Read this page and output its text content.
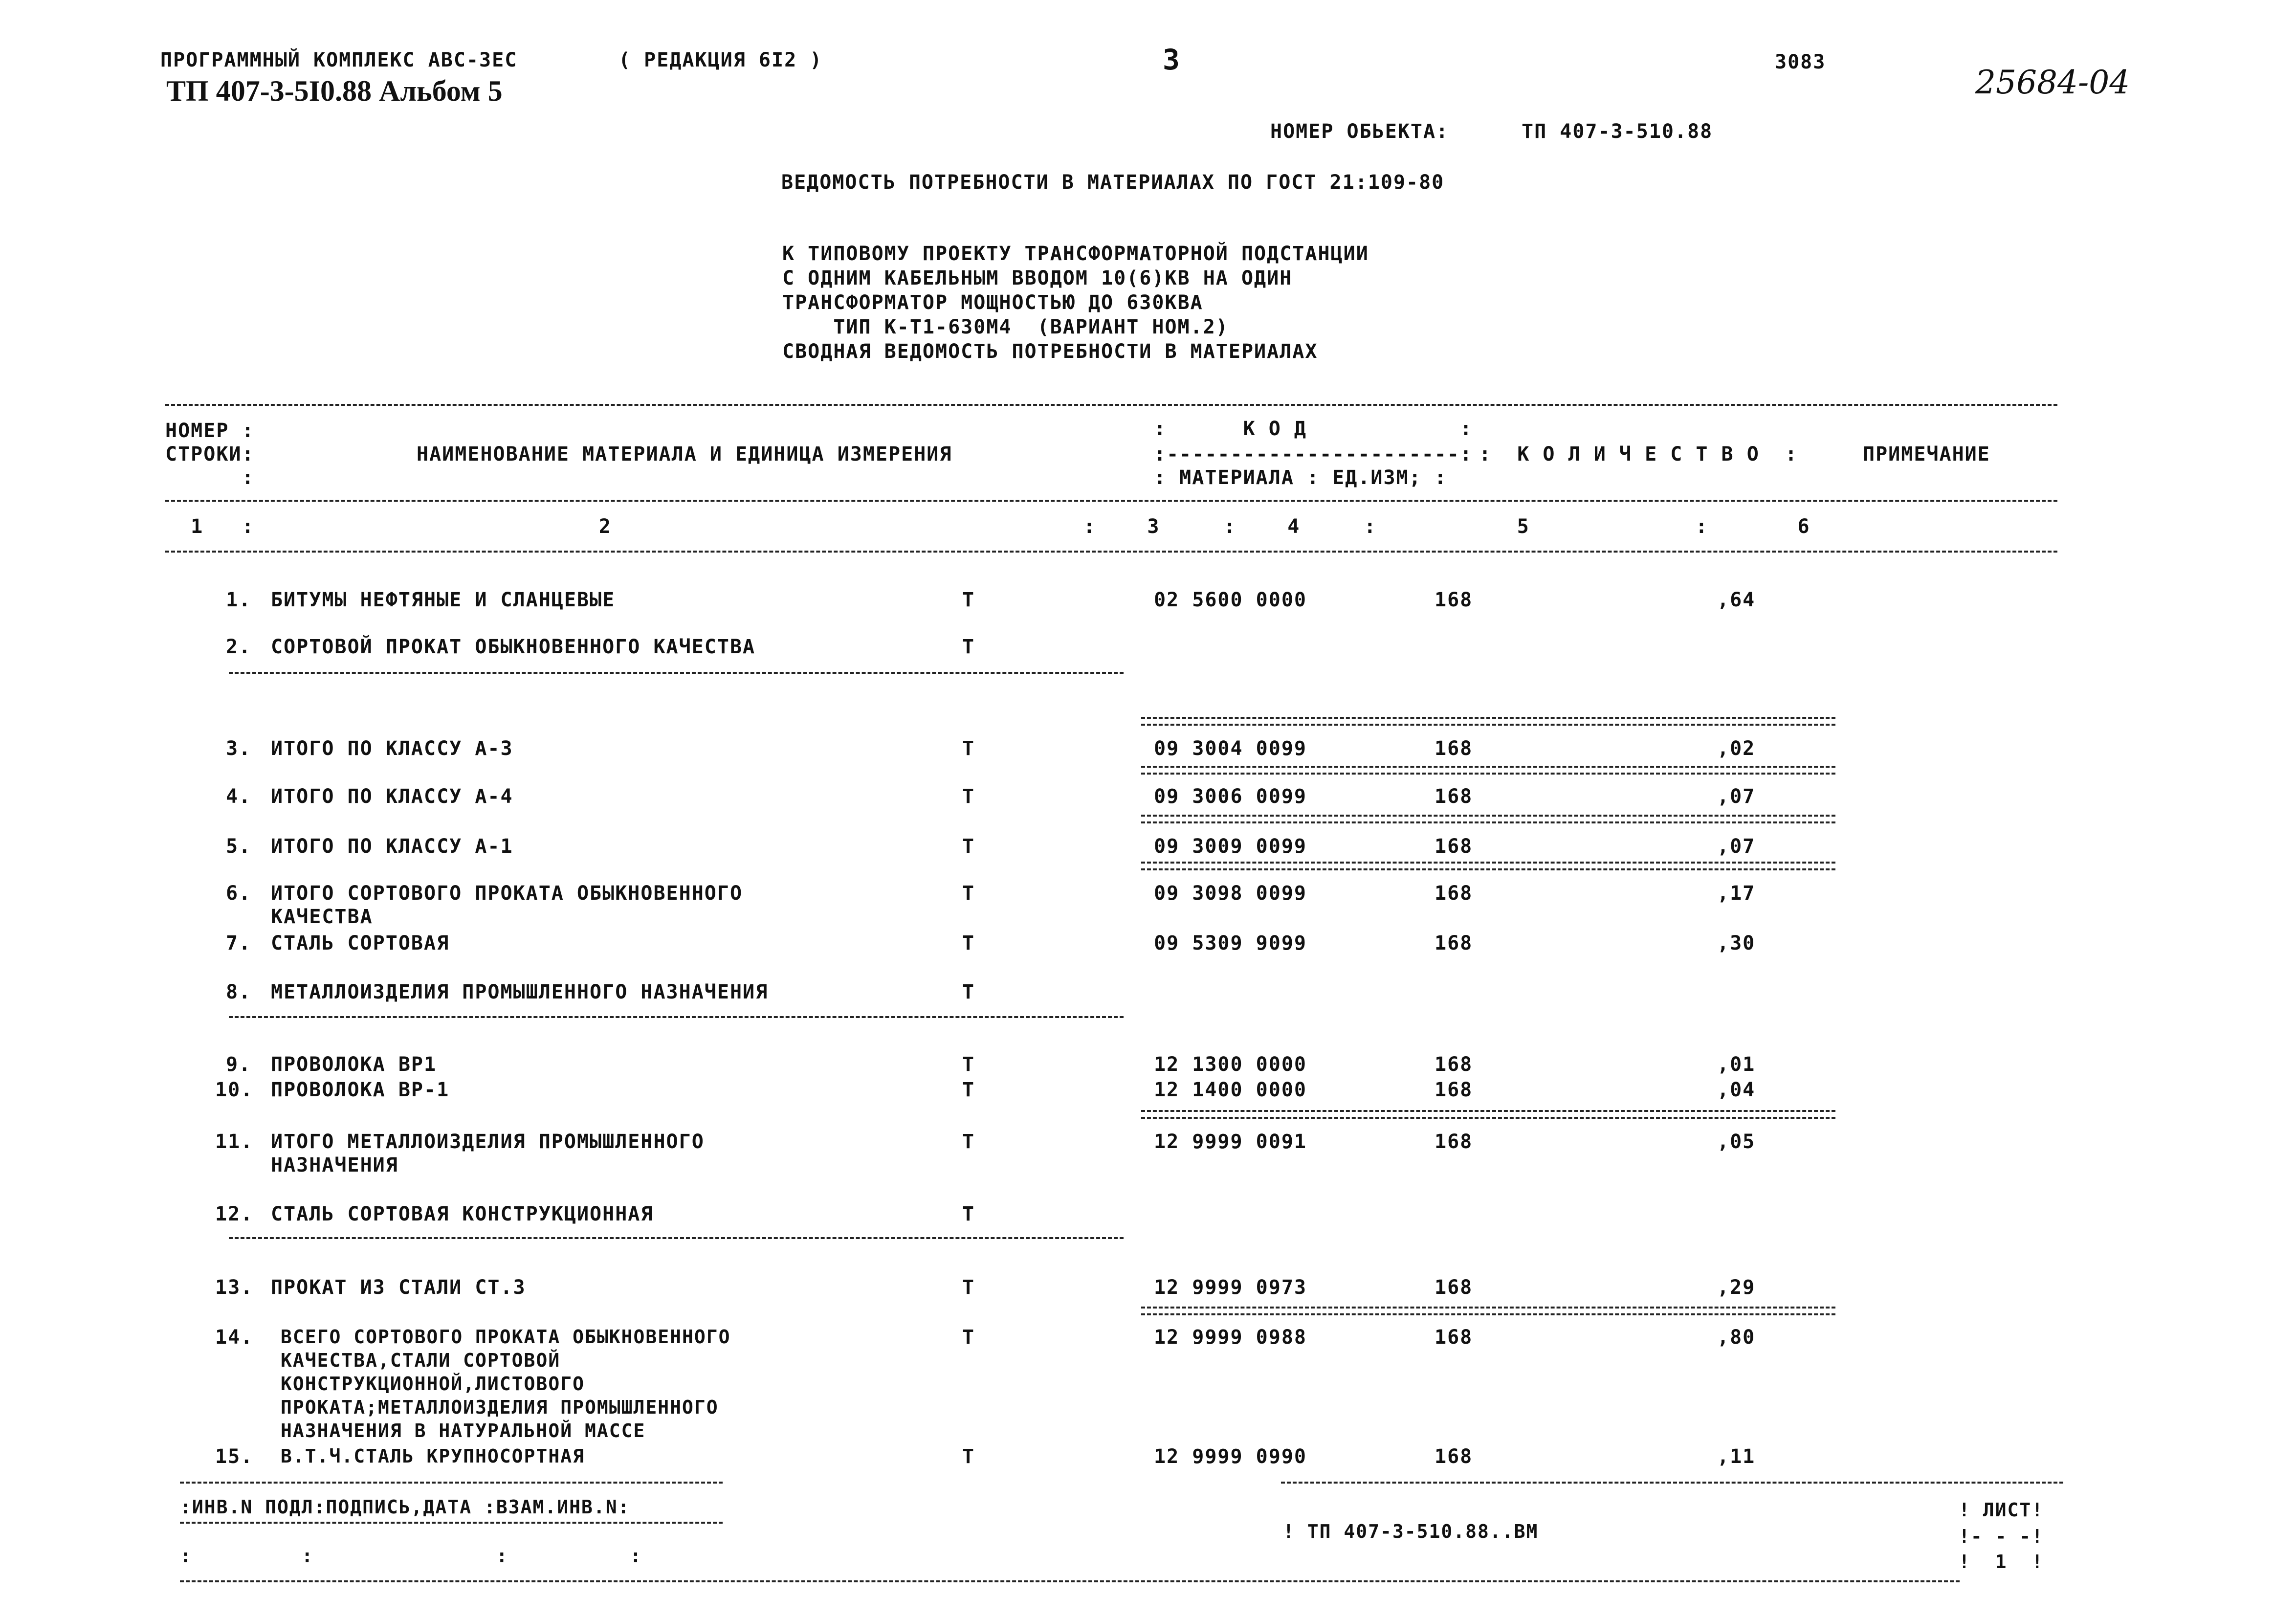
ПРОГРАММНЫЙ КОМПЛЕКС АВС-ЗЕС	( РЕДАКЦИЯ 6I2 )
ТП 407-3-5I0.88 Альбом 5
3	3083
25684-04
НОМЕР ОБЬЕКТА:	ТП 407-3-510.88
ВЕДОМОСТЬ ПОТРЕБНОСТИ В МАТЕРИАЛАХ ПО ГОСТ 21:109-80
К ТИПОВОМУ ПРОЕКТУ ТРАНСФОРМАТОРНОЙ ПОДСТАНЦИИ
С ОДНИМ КАБЕЛЬНЫМ ВВОДОМ 10(6)КВ НА ОДИН
ТРАНСФОРМАТОР МОЩНОСТЬЮ ДО 630КВА
ТИП К-Т1-630М4  (ВАРИАНТ НОМ.2)
СВОДНАЯ ВЕДОМОСТЬ ПОТРЕБНОСТИ В МАТЕРИАЛАХ
НОМЕР :
СТРОКИ:
:
НАИМЕНОВАНИЕ МАТЕРИАЛА И ЕДИНИЦА ИЗМЕРЕНИЯ
:      К О Д            :
:-----------------------:
: МАТЕРИАЛА : ЕД.ИЗМ; :
:  К О Л И Ч Е С Т В О  :	ПРИМЕЧАНИЕ
1   :                           2                                     :    3     :    4     :           5             :       6
1. БИТУМЫ НЕФТЯНЫЕ И СЛАНЦЕВЫЕ	Т	02 5600 0000	168	,64
2. СОРТОВОЙ ПРОКАТ ОБЫКНОВЕННОГО КАЧЕСТВА	Т
3. ИТОГО ПО КЛАССУ А-3	Т	09 3004 0099	168	,02
4. ИТОГО ПО КЛАССУ А-4	Т	09 3006 0099	168	,07
5. ИТОГО ПО КЛАССУ А-1	Т	09 3009 0099	168	,07
6. ИТОГО СОРТОВОГО ПРОКАТА ОБЫКНОВЕННОГО
КАЧЕСТВА
Т	09 3098 0099	168	,17
7. СТАЛЬ СОРТОВАЯ	Т	09 5309 9099	168	,30
8. МЕТАЛЛОИЗДЕЛИЯ ПРОМЫШЛЕННОГО НАЗНАЧЕНИЯ	Т
9. ПРОВОЛОКА ВР1	Т	12 1300 0000	168	,01
10. ПРОВОЛОКА ВР-1	Т	12 1400 0000	168	,04
11. ИТОГО МЕТАЛЛОИЗДЕЛИЯ ПРОМЫШЛЕННОГО
НАЗНАЧЕНИЯ
Т	12 9999 0091	168	,05
12. СТАЛЬ СОРТОВАЯ КОНСТРУКЦИОННАЯ	Т
13. ПРОКАТ ИЗ СТАЛИ СТ.3	Т	12 9999 0973	168	,29
14. ВСЕГО СОРТОВОГО ПРОКАТА ОБЫКНОВЕННОГО
КАЧЕСТВА,СТАЛИ СОРТОВОЙ
КОНСТРУКЦИОННОЙ,ЛИСТОВОГО
ПРОКАТА;МЕТАЛЛОИЗДЕЛИЯ ПРОМЫШЛЕННОГО
НАЗНАЧЕНИЯ В НАТУРАЛЬНОЙ МАССЕ
Т	12 9999 0988	168	,80
15. В.Т.Ч.СТАЛЬ КРУПНОСОРТНАЯ	Т	12 9999 0990	168	,11
:ИНВ.N ПОДЛ:ПОДПИСЬ,ДАТА :ВЗАМ.ИНВ.N:
:         :               :          :
! ТП 407-3-510.88..ВМ
! ЛИСТ!
!- - -!
!  1  !
